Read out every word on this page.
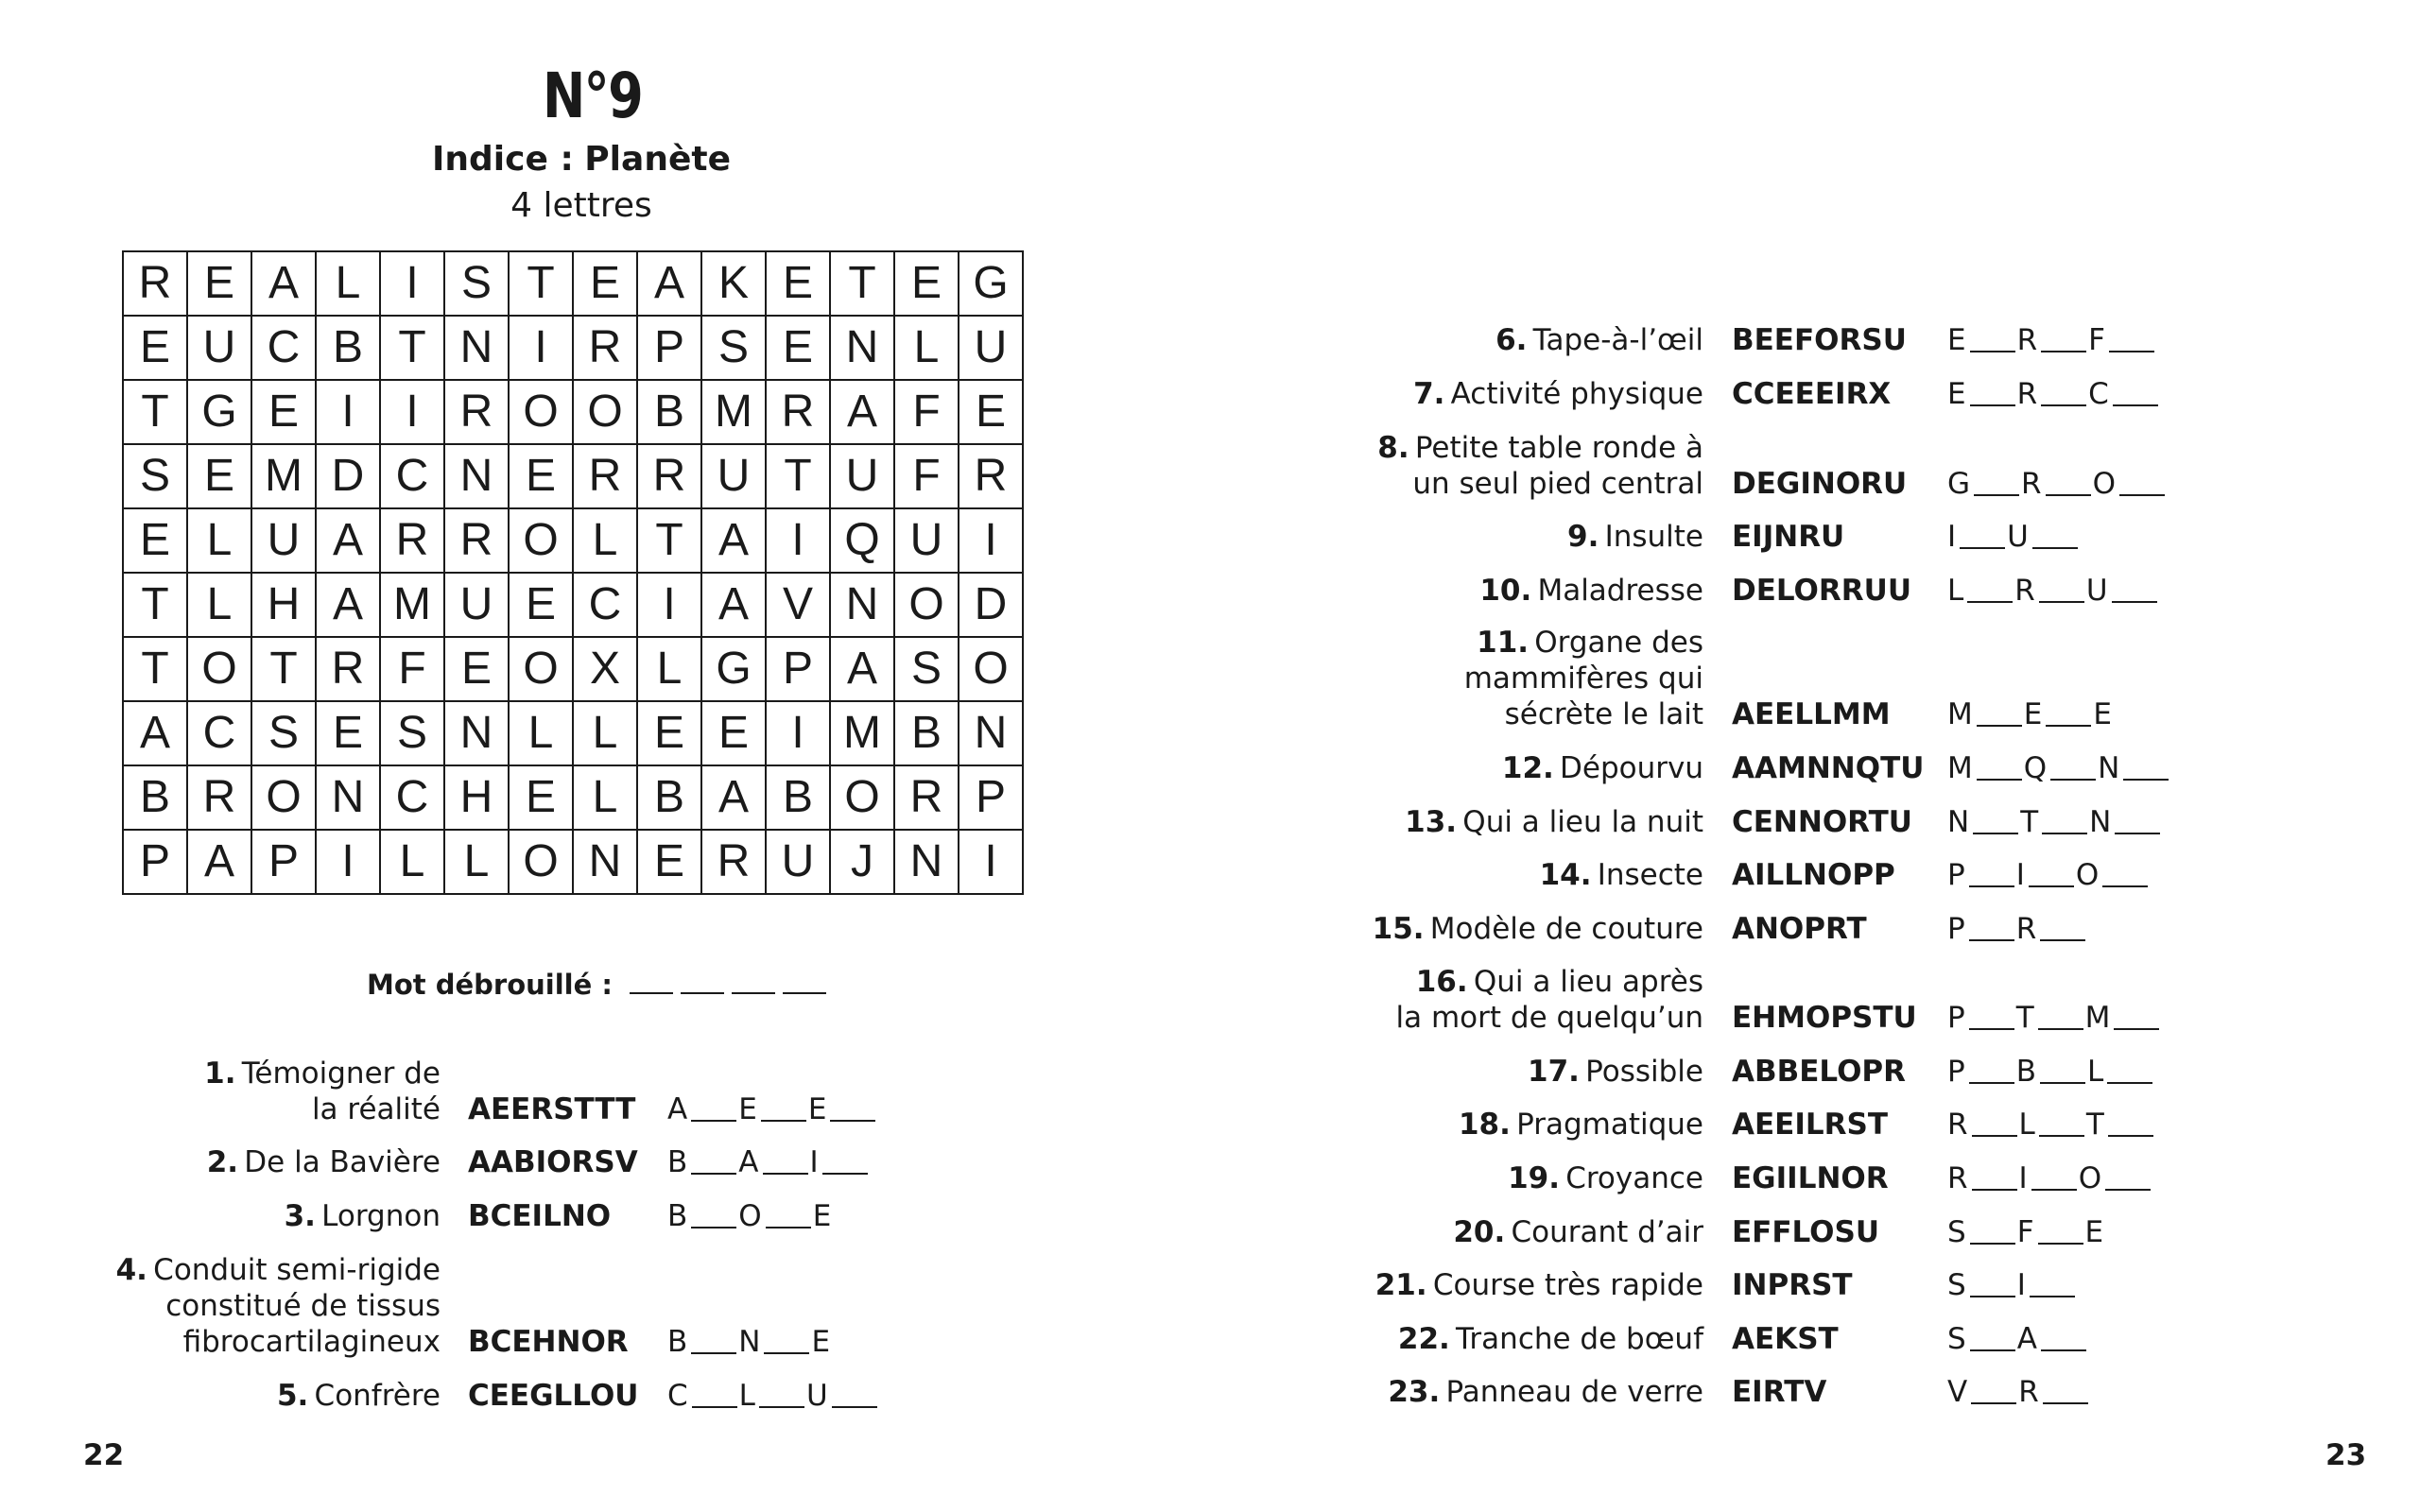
N°9
Indice : Planète
4 lettres
R	E	A	L	I	S	T	E	A	K	E	T	E	G
E	U	C	B	T	N	I	R	P	S	E	N	L	U
T	G	E	I	I	R	O	O	B	M	R	A	F	E
S	E	M	D	C	N	E	R	R	U	T	U	F	R
E	L	U	A	R	R	O	L	T	A	I	Q	U	I
T	L	H	A	M	U	E	C	I	A	V	N	O	D
T	O	T	R	F	E	O	X	L	G	P	A	S	O
A	C	S	E	S	N	L	L	E	E	I	M	B	N
B	R	O	N	C	H	E	L	B	A	B	O	R	P
P	A	P	I	L	L	O	N	E	R	U	J	N	I
Mot débrouillé :
1.  Témoigner de
la réalité AEERSTTT A E E
2.  De la Bavière AABIORSV B A I
3.  Lorgnon BCEILNO B O E
4.  Conduit semi-rigide
constitué de tissus
fibrocartilagineux BCEHNOR B N E
5.  Confrère CEEGLLOU C L U
22
6.  Tape-à-l’œil BEEFORSU E R F
7.  Activité physique CCEEEIRX E R C
8.  Petite table ronde à
un seul pied central DEGINORU G R O
9.  Insulte EIJNRU	I U
10.  Maladresse DELORRUU L R U
11.  Organe des
mammifères qui
sécrète le lait AEELLMM M E E
12.  Dépourvu AAMNNQTU M Q N
13.  Qui a lieu la nuit CENNORTU N T N
14.  Insecte AILLNOPP P I O
15.  Modèle de couture ANOPRT	P R
16.  Qui a lieu après
la mort de quelqu’un EHMOPSTU P T M
17.  Possible ABBELOPR P B L
18.  Pragmatique AEEILRST R L T
19.  Croyance EGIILNOR R I O
20.  Courant d’air EFFLOSU S F E
21.  Course très rapide INPRST	S I
22.  Tranche de bœuf AEKST	S A
23.  Panneau de verre EIRTV	V R
23
